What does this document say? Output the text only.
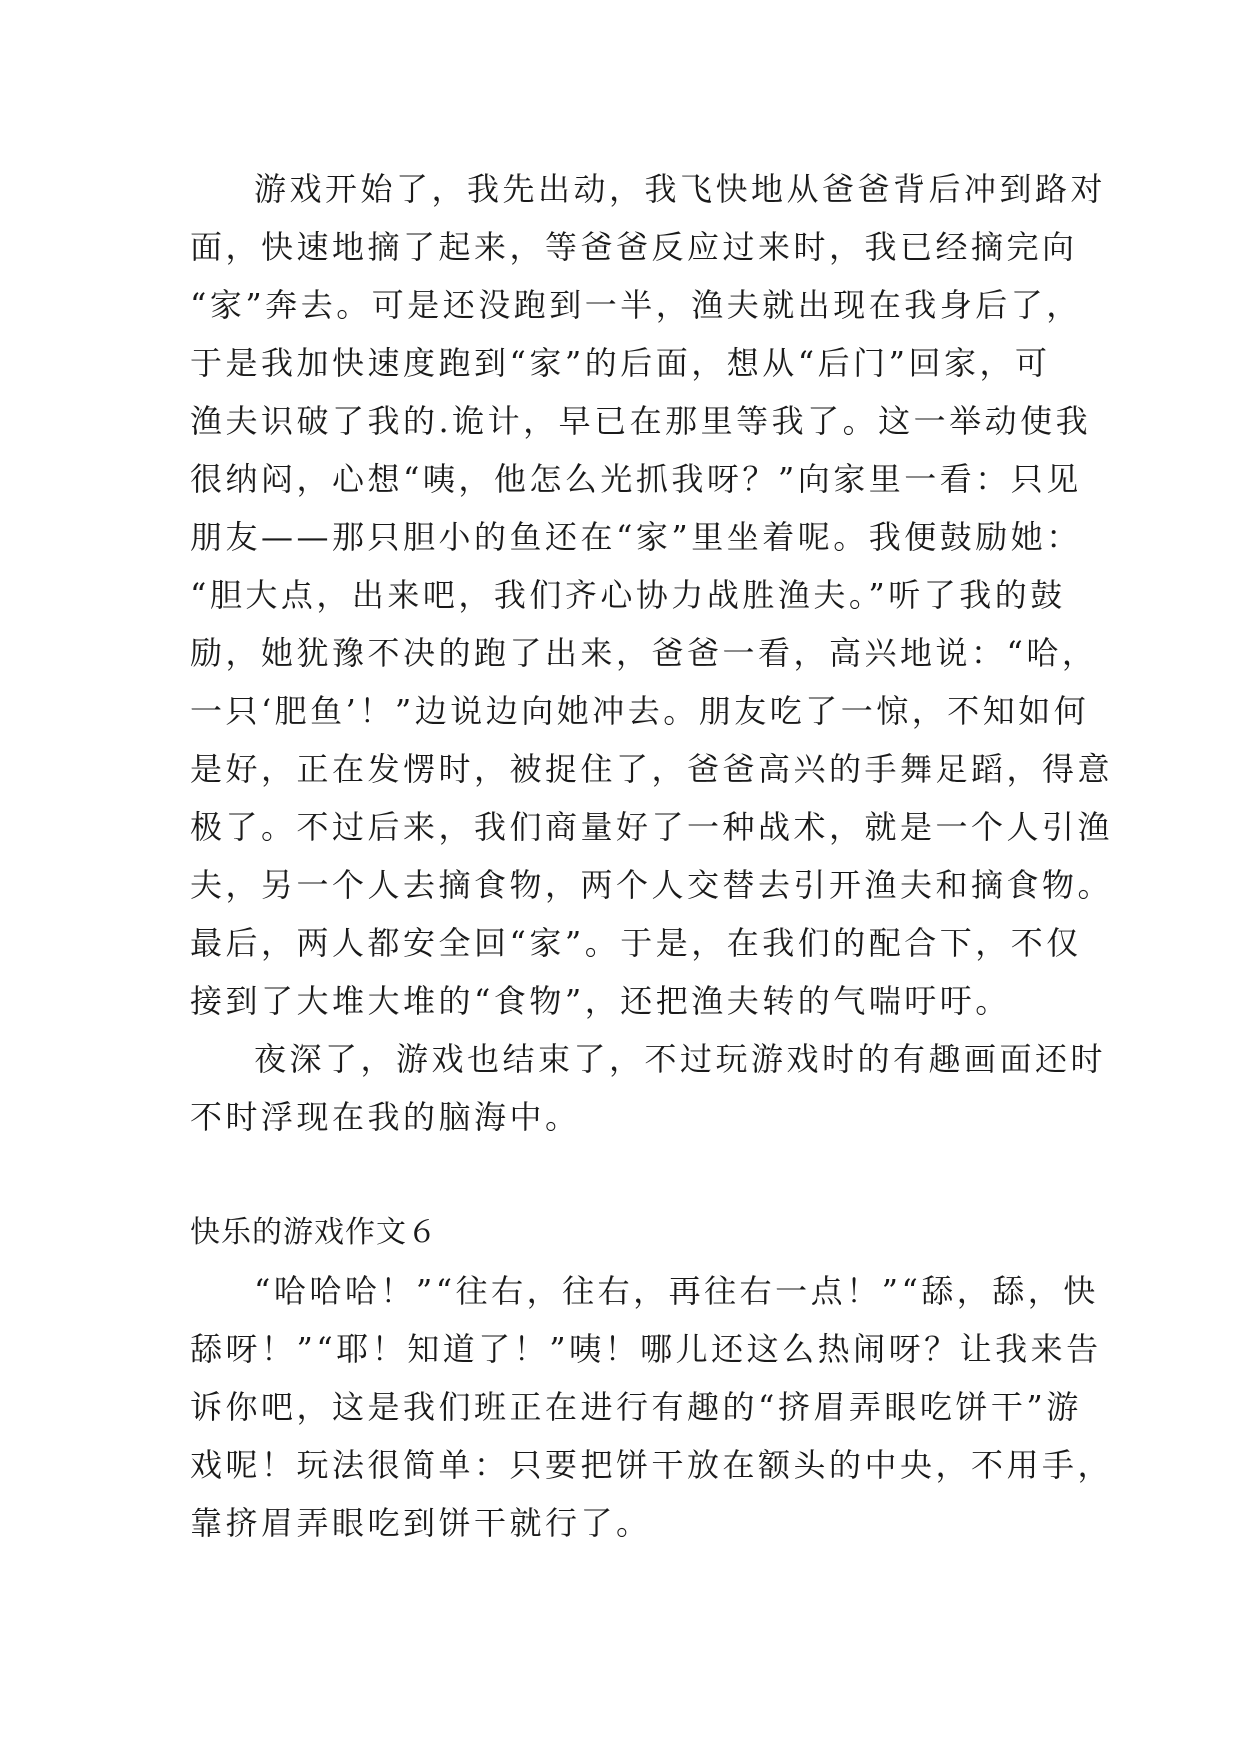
游戏开始了，我先出动，我飞快地从爸爸背后冲到路对
面，快速地摘了起来，等爸爸反应过来时，我已经摘完向
“家”奔去。可是还没跑到一半，渔夫就出现在我身后了，
于是我加快速度跑到“家”的后面，想从“后门”回家，可
渔夫识破了我的.诡计，早已在那里等我了。这一举动使我
很纳闷，心想“咦，他怎么光抓我呀？”向家里一看：只见
朋友——那只胆小的鱼还在“家”里坐着呢。我便鼓励她：
“胆大点，出来吧，我们齐心协力战胜渔夫。”听了我的鼓
励，她犹豫不决的跑了出来，爸爸一看，高兴地说：“哈，
一只‘肥鱼’！”边说边向她冲去。朋友吃了一惊，不知如何
是好，正在发愣时，被捉住了，爸爸高兴的手舞足蹈，得意
极了。不过后来，我们商量好了一种战术，就是一个人引渔
夫，另一个人去摘食物，两个人交替去引开渔夫和摘食物。
最后，两人都安全回“家”。于是，在我们的配合下，不仅
接到了大堆大堆的“食物”，还把渔夫转的气喘吁吁。
夜深了，游戏也结束了，不过玩游戏时的有趣画面还时
不时浮现在我的脑海中。
快乐的游戏作文６
“哈哈哈！”“往右，往右，再往右一点！”“舔，舔，快
舔呀！”“耶！知道了！”咦！哪儿还这么热闹呀？让我来告
诉你吧，这是我们班正在进行有趣的“挤眉弄眼吃饼干”游
戏呢！玩法很简单：只要把饼干放在额头的中央，不用手，
靠挤眉弄眼吃到饼干就行了。
